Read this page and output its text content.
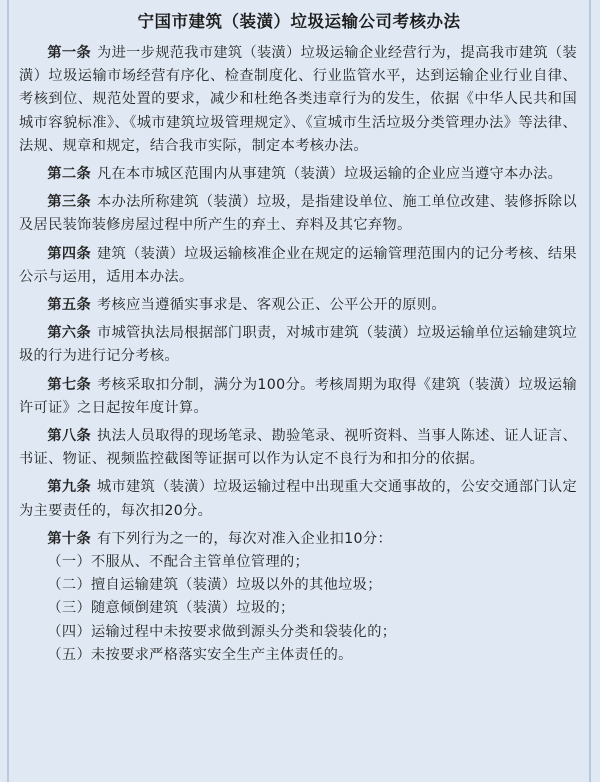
宁国市建筑（装潢）垃圾运输公司考核办法

第一条 为进一步规范我市建筑（装潢）垃圾运输企业经营行为，提高我市建筑（装潢）垃圾运输市场经营有序化、检查制度化、行业监管水平，达到运输企业行业自律、考核到位、规范处置的要求，减少和杜绝各类违章行为的发生，依据《中华人民共和国城市容貌标准》、《城市建筑垃圾管理规定》、《宣城市生活垃圾分类管理办法》等法律、法规、规章和规定，结合我市实际，制定本考核办法。

第二条 凡在本市城区范围内从事建筑（装潢）垃圾运输的企业应当遵守本办法。

第三条 本办法所称建筑（装潢）垃圾，是指建设单位、施工单位改建、装修拆除以及居民装饰装修房屋过程中所产生的弃土、弃料及其它弃物。

第四条 建筑（装潢）垃圾运输核准企业在规定的运输管理范围内的记分考核、结果公示与运用，适用本办法。

第五条 考核应当遵循实事求是、客观公正、公平公开的原则。

第六条 市城管执法局根据部门职责，对城市建筑（装潢）垃圾运输单位运输建筑垃圾的行为进行记分考核。

第七条 考核采取扣分制，满分为100分。考核周期为取得《建筑（装潢）垃圾运输许可证》之日起按年度计算。

第八条 执法人员取得的现场笔录、勘验笔录、视听资料、当事人陈述、证人证言、书证、物证、视频监控截图等证据可以作为认定不良行为和扣分的依据。

第九条 城市建筑（装潢）垃圾运输过程中出现重大交通事故的，公安交通部门认定为主要责任的，每次扣20分。

第十条 有下列行为之一的，每次对准入企业扣10分：

（一）不服从、不配合主管单位管理的；

（二）擅自运输建筑（装潢）垃圾以外的其他垃圾；

（三）随意倾倒建筑（装潢）垃圾的；

（四）运输过程中未按要求做到源头分类和袋装化的；

（五）未按要求严格落实安全生产主体责任的。
